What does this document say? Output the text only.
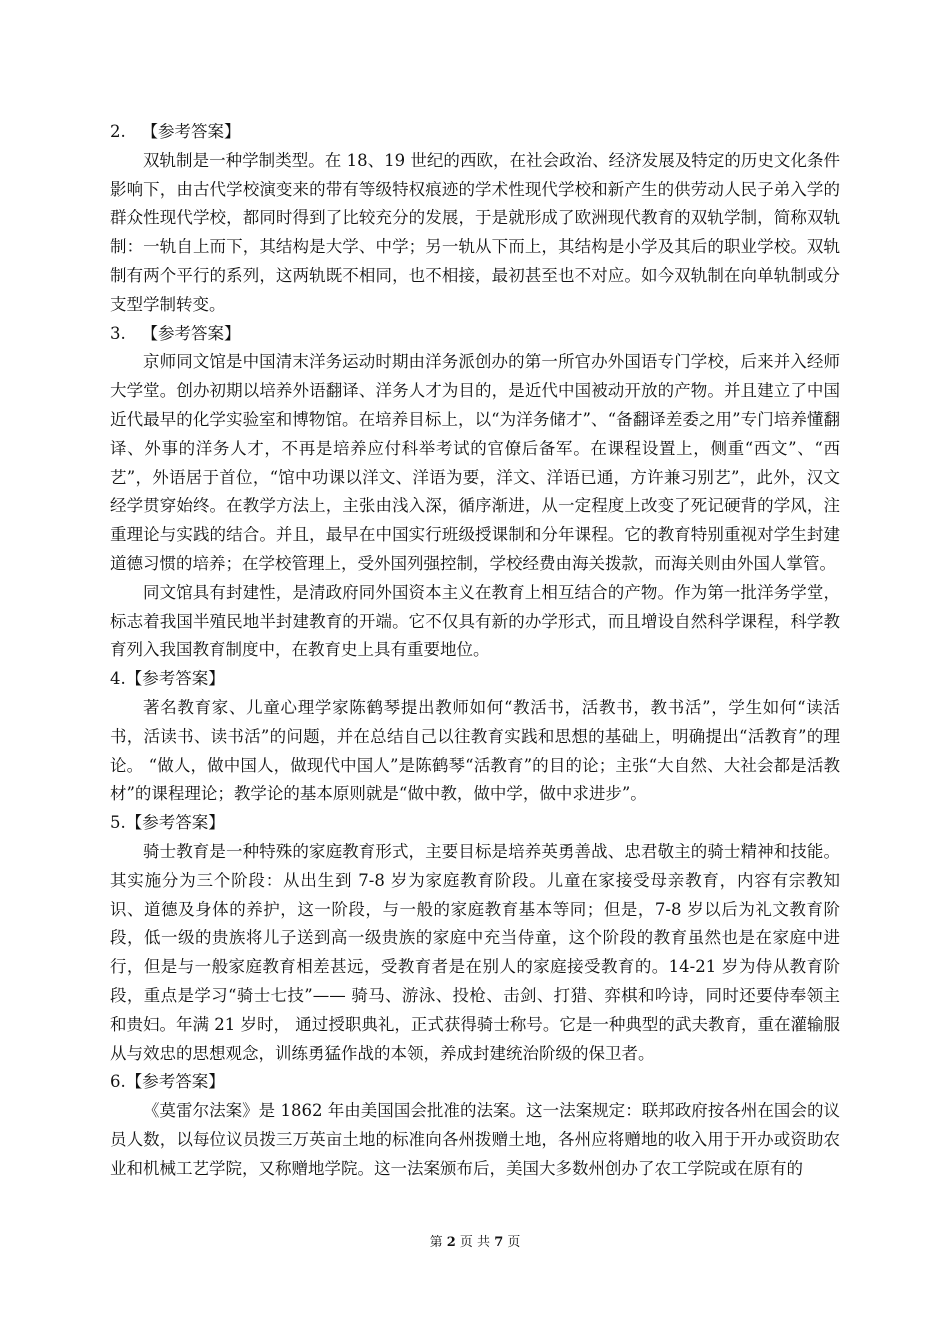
2.   【参考答案】

双轨制是一种学制类型。在 18、19 世纪的西欧，在社会政治、经济发展及特定的历史文化条件影响下，由古代学校演变来的带有等级特权痕迹的学术性现代学校和新产生的供劳动人民子弟入学的群众性现代学校，都同时得到了比较充分的发展，于是就形成了欧洲现代教育的双轨学制，简称双轨制：一轨自上而下，其结构是大学、中学；另一轨从下而上，其结构是小学及其后的职业学校。双轨制有两个平行的系列，这两轨既不相同，也不相接，最初甚至也不对应。如今双轨制在向单轨制或分支型学制转变。

3.   【参考答案】

京师同文馆是中国清末洋务运动时期由洋务派创办的第一所官办外国语专门学校，后来并入经师大学堂。创办初期以培养外语翻译、洋务人才为目的，是近代中国被动开放的产物。并且建立了中国近代最早的化学实验室和博物馆。在培养目标上，以“为洋务储才”、“备翻译差委之用”专门培养懂翻译、外事的洋务人才，不再是培养应付科举考试的官僚后备军。在课程设置上，侧重“西文”、“西艺”，外语居于首位，“馆中功课以洋文、洋语为要，洋文、洋语已通，方许兼习别艺”，此外，汉文经学贯穿始终。在教学方法上，主张由浅入深，循序渐进，从一定程度上改变了死记硬背的学风，注重理论与实践的结合。并且，最早在中国实行班级授课制和分年课程。它的教育特别重视对学生封建道德习惯的培养；在学校管理上，受外国列强控制，学校经费由海关拨款，而海关则由外国人掌管。

同文馆具有封建性，是清政府同外国资本主义在教育上相互结合的产物。作为第一批洋务学堂，标志着我国半殖民地半封建教育的开端。它不仅具有新的办学形式，而且增设自然科学课程，科学教育列入我国教育制度中，在教育史上具有重要地位。

4.【参考答案】

著名教育家、儿童心理学家陈鹤琴提出教师如何“教活书，活教书，教书活”，学生如何“读活书，活读书、读书活”的问题，并在总结自己以往教育实践和思想的基础上，明确提出“活教育”的理论。 “做人，做中国人，做现代中国人”是陈鹤琴“活教育”的目的论；主张“大自然、大社会都是活教材”的课程理论；教学论的基本原则就是“做中教，做中学，做中求进步”。

5.【参考答案】

骑士教育是一种特殊的家庭教育形式，主要目标是培养英勇善战、忠君敬主的骑士精神和技能。其实施分为三个阶段：从出生到 7-8 岁为家庭教育阶段。儿童在家接受母亲教育，内容有宗教知识、道德及身体的养护，这一阶段，与一般的家庭教育基本等同；但是，7-8 岁以后为礼文教育阶段，低一级的贵族将儿子送到高一级贵族的家庭中充当侍童，这个阶段的教育虽然也是在家庭中进行，但是与一般家庭教育相差甚远，受教育者是在别人的家庭接受教育的。14-21 岁为侍从教育阶段，重点是学习“骑士七技”—— 骑马、游泳、投枪、击剑、打猎、弈棋和吟诗，同时还要侍奉领主和贵妇。年满 21 岁时， 通过授职典礼，正式获得骑士称号。它是一种典型的武夫教育，重在灌输服从与效忠的思想观念，训练勇猛作战的本领，养成封建统治阶级的保卫者。

6.【参考答案】

《莫雷尔法案》是 1862 年由美国国会批准的法案。这一法案规定：联邦政府按各州在国会的议员人数，以每位议员拨三万英亩土地的标准向各州拨赠土地，各州应将赠地的收入用于开办或资助农业和机械工艺学院，又称赠地学院。这一法案颁布后，美国大多数州创办了农工学院或在原有的

第 2 页 共 7 页
